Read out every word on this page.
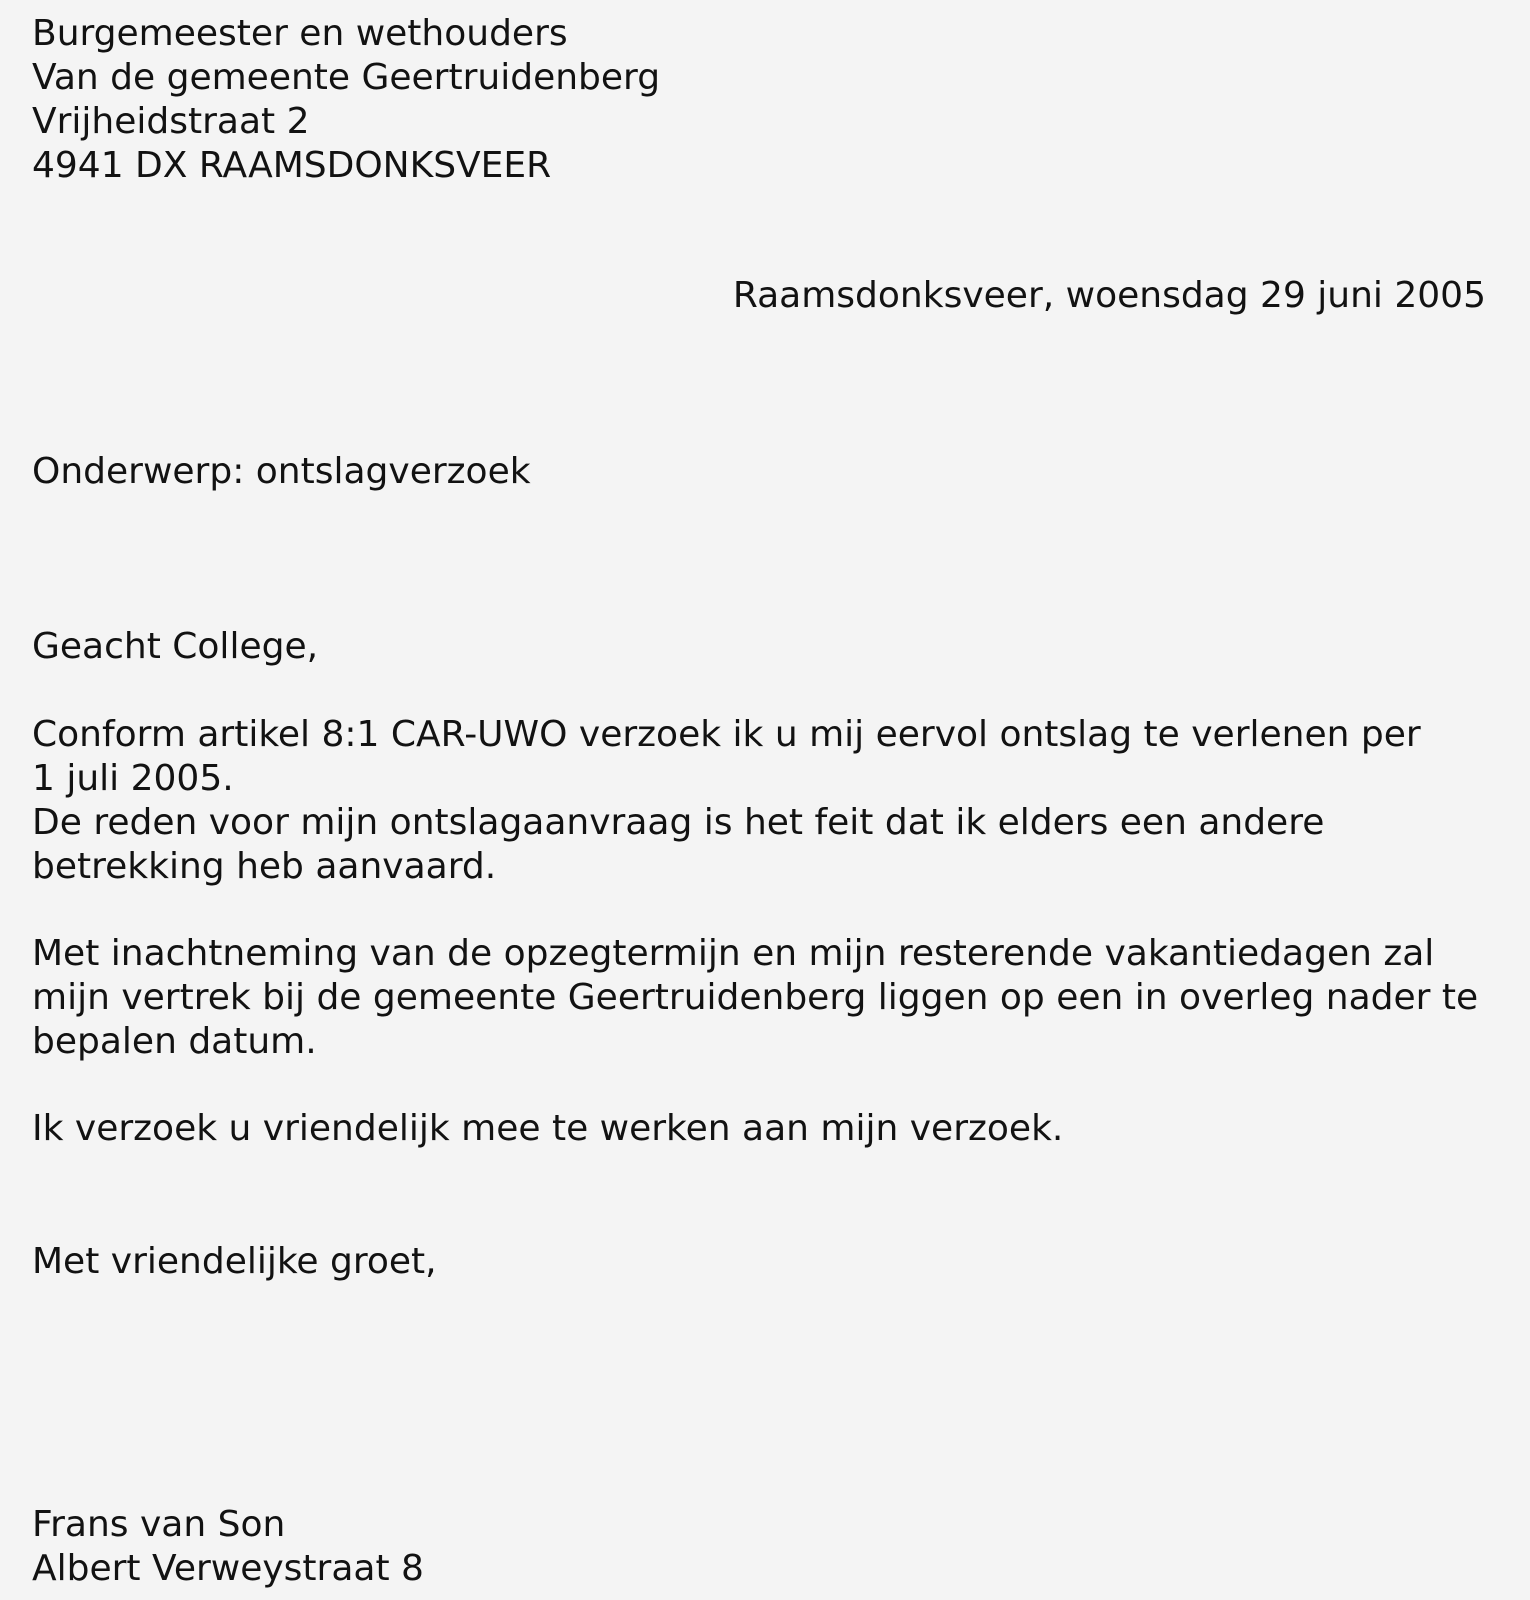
Burgemeester en wethouders

Van de gemeente Geertruidenberg

Vrijheidstraat 2

4941 DX RAAMSDONKSVEER

Raamsdonksveer, woensdag 29 juni 2005

Onderwerp: ontslagverzoek

Geacht College,

Conform artikel 8:1 CAR-UWO verzoek ik u mij eervol ontslag te verlenen per

1 juli 2005.

De reden voor mijn ontslagaanvraag is het feit dat ik elders een andere

betrekking heb aanvaard.

Met inachtneming van de opzegtermijn en mijn resterende vakantiedagen zal

mijn vertrek bij de gemeente Geertruidenberg liggen op een in overleg nader te

bepalen datum.

Ik verzoek u vriendelijk mee te werken aan mijn verzoek.

Met vriendelijke groet,

Frans van Son

Albert Verweystraat 8
